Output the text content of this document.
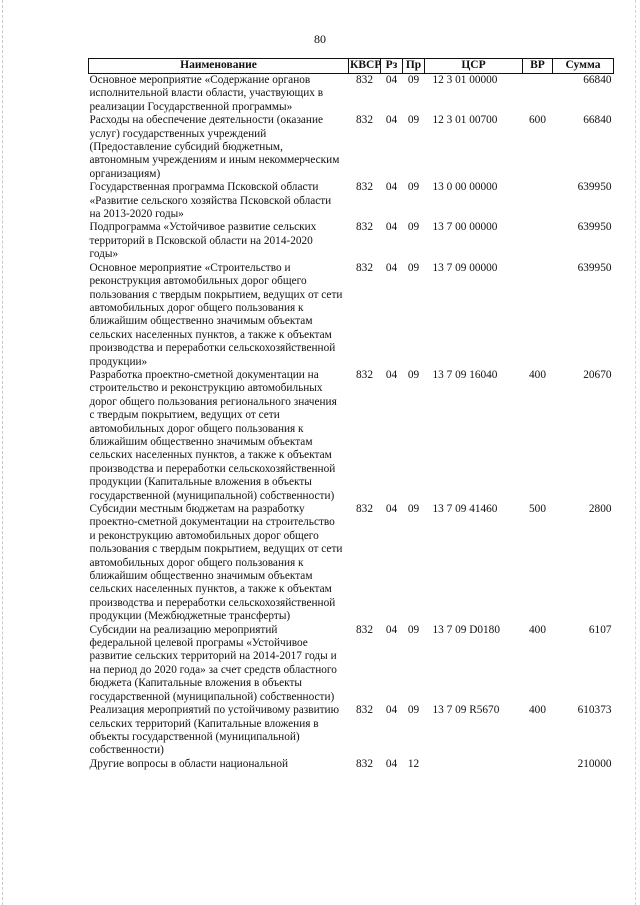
80
Наименование	КВСР	Рз	Пр	ЦСР	ВР	Сумма
Основное мероприятие «Содержание органов исполнительной власти области, участвующих в реализации Государственной программы»	832	04	09	12 3 01 00000		66840
Расходы на обеспечение деятельности (оказание услуг) государственных учреждений (Предоставление субсидий бюджетным, автономным учреждениям и иным некоммерческим организациям)	832	04	09	12 3 01 00700	600	66840
Государственная программа Псковской области «Развитие сельского хозяйства Псковской области на 2013-2020 годы»	832	04	09	13 0 00 00000		639950
Подпрограмма «Устойчивое развитие сельских территорий в Псковской области на 2014-2020 годы»	832	04	09	13 7 00 00000		639950
Основное мероприятие «Строительство и реконструкция автомобильных дорог общего пользования с твердым покрытием, ведущих от сети автомобильных дорог общего пользования к ближайшим общественно значимым объектам сельских населенных пунктов, а также к объектам производства и переработки сельскохозяйственной продукции»	832	04	09	13 7 09 00000		639950
Разработка проектно-сметной документации на строительство и реконструкцию автомобильных дорог общего пользования регионального значения с твердым покрытием, ведущих от сети автомобильных дорог общего пользования к ближайшим общественно значимым объектам сельских населенных пунктов, а также к объектам производства и переработки сельскохозяйственной продукции (Капитальные вложения в объекты государственной (муниципальной) собственности)	832	04	09	13 7 09 16040	400	20670
Субсидии местным бюджетам на разработку проектно-сметной документации на строительство и реконструкцию автомобильных дорог общего пользования с твердым покрытием, ведущих от сети автомобильных дорог общего пользования к ближайшим общественно значимым объектам сельских населенных пунктов, а также к объектам производства и переработки сельскохозяйственной продукции (Межбюджетные трансферты)	832	04	09	13 7 09 41460	500	2800
Субсидии на реализацию мероприятий федеральной целевой програмы «Устойчивое развитие сельских территорий на 2014-2017 годы и на период до 2020 года» за счет средств областного бюджета (Капитальные вложения в объекты государственной (муниципальной) собственности)	832	04	09	13 7 09 D0180	400	6107
Реализация мероприятий по устойчивому развитию сельских территорий (Капитальные вложения в объекты государственной (муниципальной) собственности)	832	04	09	13 7 09 R5670	400	610373
Другие вопросы в области национальной	832	04	12			210000
